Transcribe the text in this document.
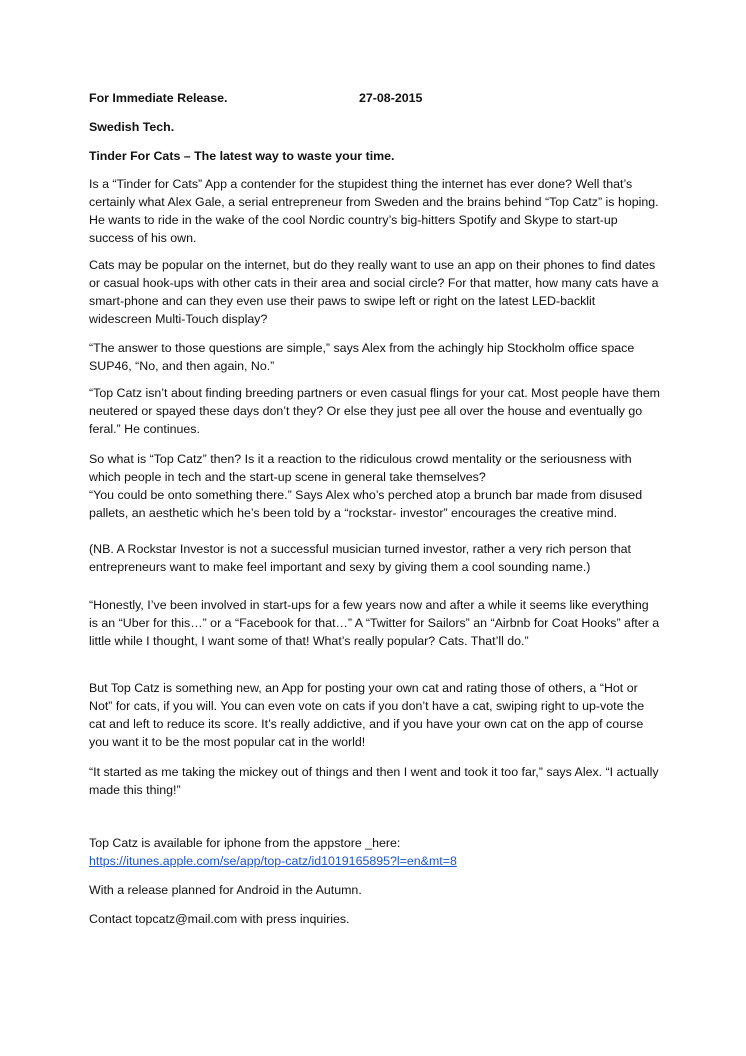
For Immediate Release.	27-08-2015

Swedish Tech.

Tinder For Cats – The latest way to waste your time.

Is a “Tinder for Cats” App a contender for the stupidest thing the internet has ever done? Well that’s certainly what Alex Gale, a serial entrepreneur from Sweden and the brains behind “Top Catz” is hoping. He wants to ride in the wake of the cool Nordic country’s big-hitters Spotify and Skype to start-up success of his own.

Cats may be popular on the internet, but do they really want to use an app on their phones to find dates or casual hook-ups with other cats in their area and social circle? For that matter, how many cats have a smart-phone and can they even use their paws to swipe left or right on the latest LED-backlit widescreen Multi-Touch display?

“The answer to those questions are simple,” says Alex from the achingly hip Stockholm office space SUP46, “No, and then again, No.”

“Top Catz isn’t about finding breeding partners or even casual flings for your cat. Most people have them neutered or spayed these days don’t they? Or else they just pee all over the house and eventually go feral.” He continues.

So what is “Top Catz” then? Is it a reaction to the ridiculous crowd mentality or the seriousness with which people in tech and the start-up scene in general take themselves?

“You could be onto something there.” Says Alex who’s perched atop a brunch bar made from disused pallets, an aesthetic which he’s been told by a “rockstar- investor” encourages the creative mind.

(NB. A Rockstar Investor is not a successful musician turned investor, rather a very rich person that entrepreneurs want to make feel important and sexy by giving them a cool sounding name.)

“Honestly, I’ve been involved in start-ups for a few years now and after a while it seems like everything is an “Uber for this…” or a “Facebook for that…” A “Twitter for Sailors” an “Airbnb for Coat Hooks” after a little while I thought, I want some of that! What’s really popular? Cats. That’ll do.”

But Top Catz is something new, an App for posting your own cat and rating those of others, a “Hot or Not” for cats, if you will. You can even vote on cats if you don’t have a cat, swiping right to up-vote the cat and left to reduce its score. It’s really addictive, and if you have your own cat on the app of course you want it to be the most popular cat in the world!

“It started as me taking the mickey out of things and then I went and took it too far,” says Alex. “I actually made this thing!”

Top Catz is available for iphone from the appstore _here:

https://itunes.apple.com/se/app/top-catz/id1019165895?l=en&mt=8

With a release planned for Android in the Autumn.

Contact topcatz@mail.com with press inquiries.
